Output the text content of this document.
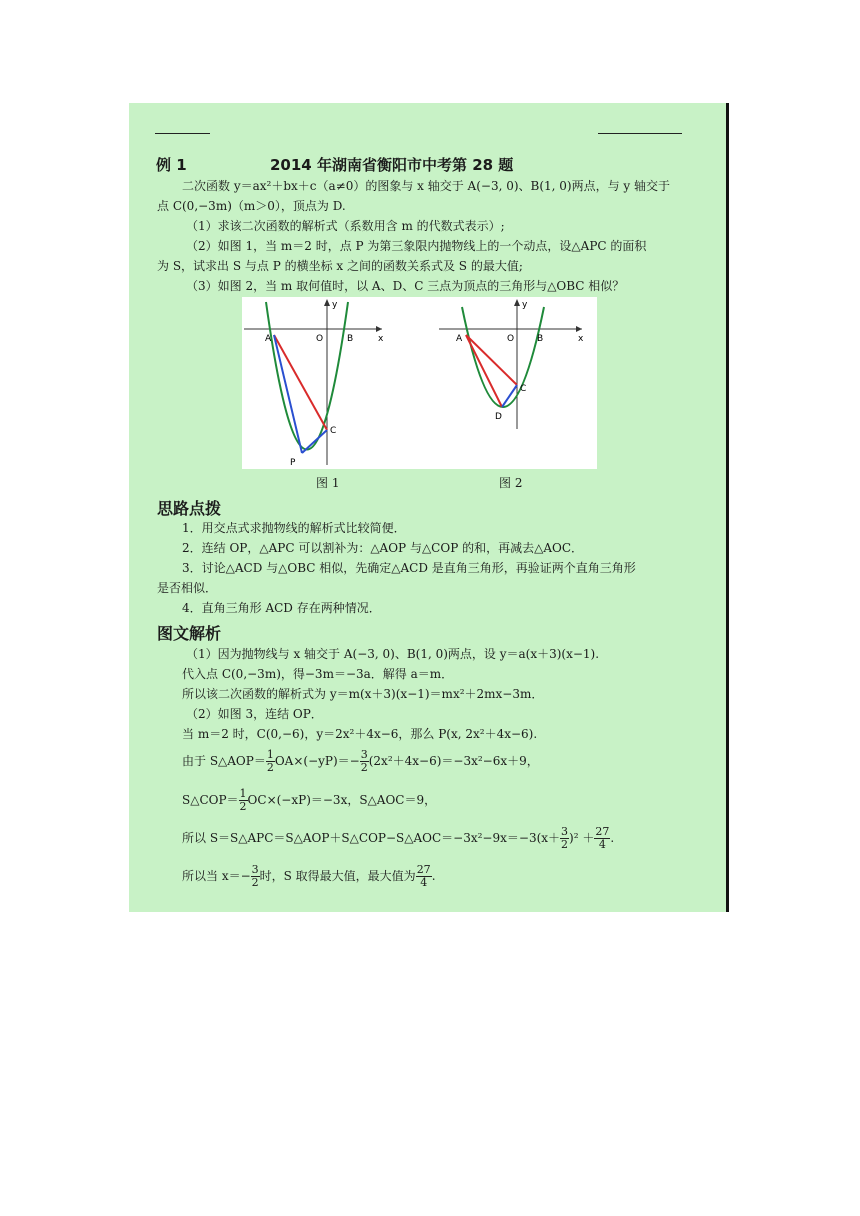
例 1	2014 年湖南省衡阳市中考第 28 题
二次函数 y＝ax²＋bx＋c（a≠0）的图象与 x 轴交于 A(−3, 0)、B(1, 0)两点，与 y 轴交于
点 C(0,−3m)（m＞0），顶点为 D.
（1）求该二次函数的解析式（系数用含 m 的代数式表示）;
（2）如图 1，当 m＝2 时，点 P 为第三象限内抛物线上的一个动点，设△APC 的面积
为 S，试求出 S 与点 P 的横坐标 x 之间的函数关系式及 S 的最大值;
（3）如图 2，当 m 取何值时，以 A、D、C 三点为顶点的三角形与△OBC 相似？
y
x
A	O	B
C
P
y
x
A	O	B
C
D
图 1	图 2
思路点拨
1．用交点式求抛物线的解析式比较简便．
2．连结 OP，△APC 可以割补为：△AOP 与△COP 的和，再减去△AOC．
3．讨论△ACD 与△OBC 相似，先确定△ACD 是直角三角形，再验证两个直角三角形
是否相似．
4．直角三角形 ACD 存在两种情况．
图文解析
（1）因为抛物线与 x 轴交于 A(−3, 0)、B(1, 0)两点，设 y＝a(x＋3)(x−1).
代入点 C(0,−3m)，得−3m＝−3a．解得 a＝m．
所以该二次函数的解析式为 y＝m(x＋3)(x−1)＝mx²＋2mx−3m．
（2）如图 3，连结 OP．
当 m＝2 时，C(0,−6)，y＝2x²＋4x−6，那么 P(x, 2x²＋4x−6).
由于 S△AOP＝ $\frac{1}{2} OA\times(-yP)=- \frac{3}{2} (2x^2+4x-6)=-3x^2-6x+9$，
S△COP＝ $\frac{1}{2} OC\times(-xP)=-3x$，S△AOC＝9，
所以 S＝S△APC＝S△AOP＋S△COP−S△AOC＝−3x²−9x＝−3(x＋ $\frac{3}{2} )^2 + \frac{27}{4}$ .
所以当 $x=- \frac{3}{2}$ 时，S 取得最大值，最大值为 $\frac{27}{4}$ .
